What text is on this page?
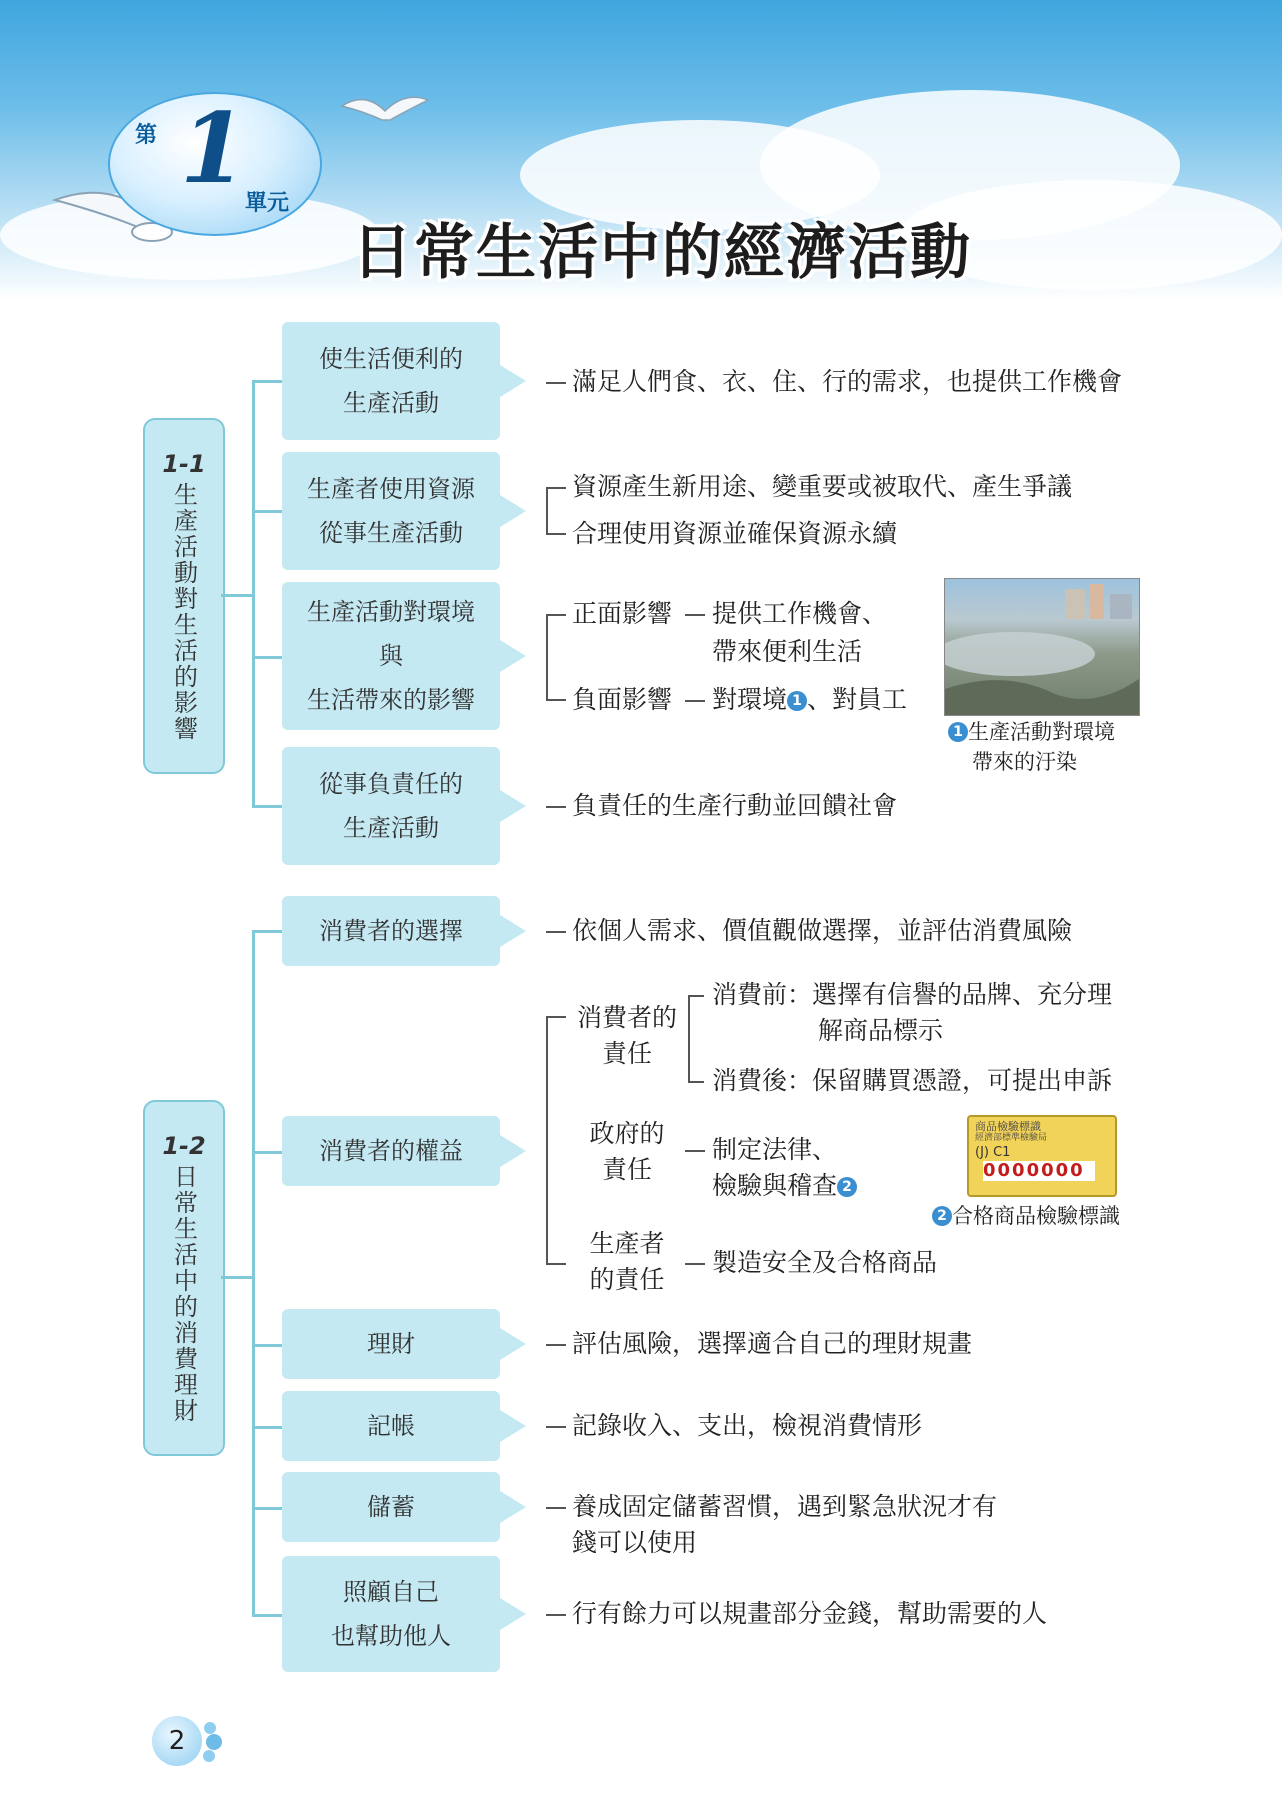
第 1
單元
日常生活中的經濟活動
1-1
生產活動對生活的影響
使生活便利的
生產活動
滿足人們食、衣、住、行的需求，也提供工作機會
生產者使用資源
從事生產活動
資源產生新用途、變重要或被取代、產生爭議
合理使用資源並確保資源永續
生產活動對環境
與
生活帶來的影響
正面影響 提供工作機會、
帶來便利生活
負面影響 對環境 1 、對員工
1 生產活動對環境
帶來的汙染
從事負責任的
生產活動
負責任的生產行動並回饋社會
1-2
日常生活中的消費理財
消費者的選擇	依個人需求、價值觀做選擇，並評估消費風險
消費者的權益
消費者的
責任
消費前：選擇有信譽的品牌、充分理
解商品標示
消費後：保留購買憑證，可提出申訴
政府的
責任
制定法律、
檢驗與稽查 2
生產者
的責任
製造安全及合格商品
商品檢驗標識
經濟部標準檢驗局
(J) C1
0000000
2 合格商品檢驗標識
理財	評估風險，選擇適合自己的理財規畫
記帳	記錄收入、支出，檢視消費情形
儲蓄	養成固定儲蓄習慣，遇到緊急狀況才有
錢可以使用
照顧自己
也幫助他人
行有餘力可以規畫部分金錢，幫助需要的人
2
